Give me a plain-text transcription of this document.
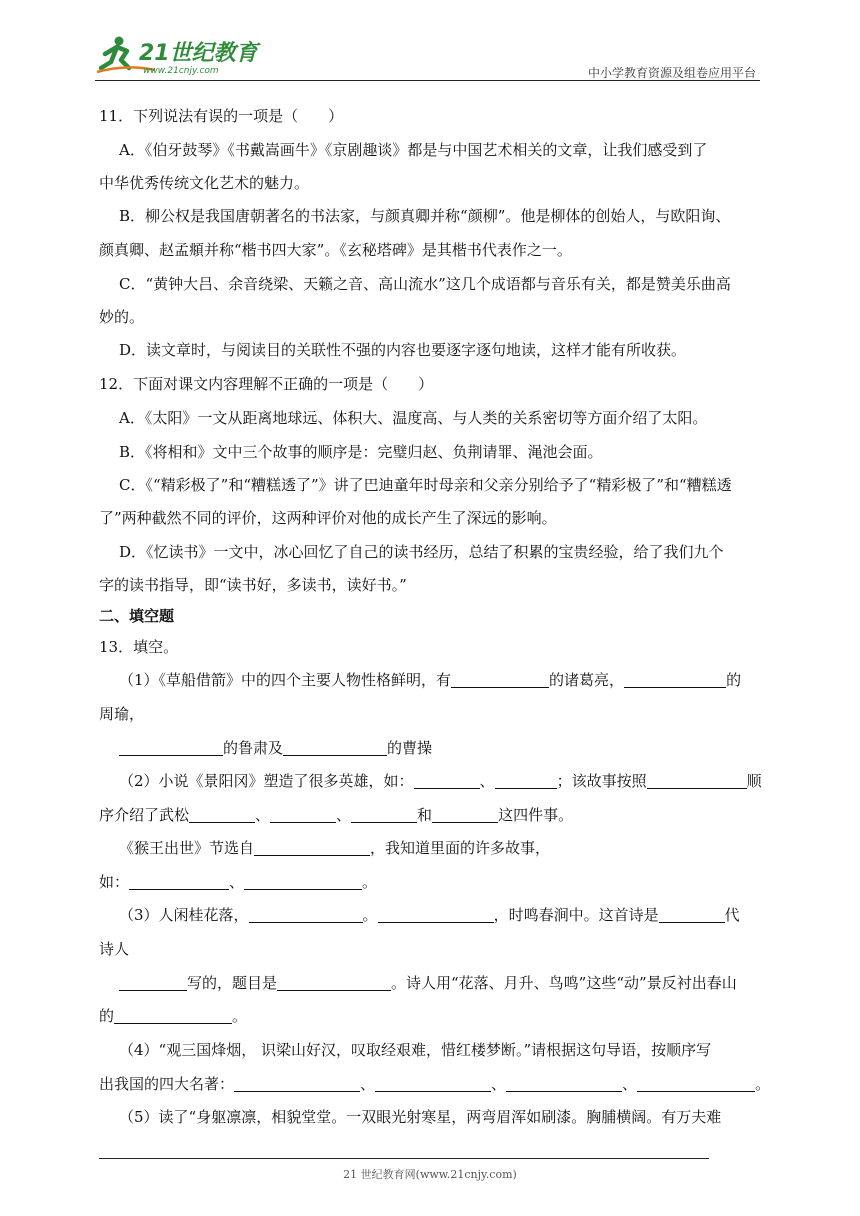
21世纪教育
www.21cnjy.com	中小学教育资源及组卷应用平台
11．下列说法有误的一项是（　　）
A．《伯牙鼓琴》《书戴嵩画牛》《京剧趣谈》都是与中国艺术相关的文章，让我们感受到了
中华优秀传统文化艺术的魅力。
B．柳公权是我国唐朝著名的书法家，与颜真卿并称“颜柳”。他是柳体的创始人，与欧阳询、
颜真卿、赵孟頫并称“楷书四大家”。《玄秘塔碑》是其楷书代表作之一。
C．“黄钟大吕、余音绕梁、天籁之音、高山流水”这几个成语都与音乐有关，都是赞美乐曲高
妙的。
D．读文章时，与阅读目的关联性不强的内容也要逐字逐句地读，这样才能有所收获。
12．下面对课文内容理解不正确的一项是（　　）
A．《太阳》一文从距离地球远、体积大、温度高、与人类的关系密切等方面介绍了太阳。
B．《将相和》文中三个故事的顺序是：完璧归赵、负荆请罪、渑池会面。
C．《“精彩极了”和“糟糕透了”》讲了巴迪童年时母亲和父亲分别给予了“精彩极了”和“糟糕透
了”两种截然不同的评价，这两种评价对他的成长产生了深远的影响。
D．《忆读书》一文中，冰心回忆了自己的读书经历，总结了积累的宝贵经验，给了我们九个
字的读书指导，即“读书好，多读书，读好书。”
二、填空题
13．填空。
（1）《草船借箭》中的四个主要人物性格鲜明，有	的诸葛亮，	的
周瑜，
的鲁肃及	的曹操
（2）小说《景阳冈》塑造了很多英雄，如：	、	；该故事按照	顺
序介绍了武松	、	、	和	这四件事。
《猴王出世》节选自	，我知道里面的许多故事，
如：	、	。
（3）人闲桂花落，	。	，时鸣春涧中。这首诗是	代
诗人
写的，题目是	。诗人用“花落、月升、鸟鸣”这些“动”景反衬出春山
的	。
（4）“观三国烽烟， 识梁山好汉，叹取经艰难，惜红楼梦断。”请根据这句导语，按顺序写
出我国的四大名著：	、	、	、	。
（5）读了“身躯凛凛，相貌堂堂。一双眼光射寒星，两弯眉浑如刷漆。胸脯横阔。有万夫难
21 世纪教育网(www.21cnjy.com)
